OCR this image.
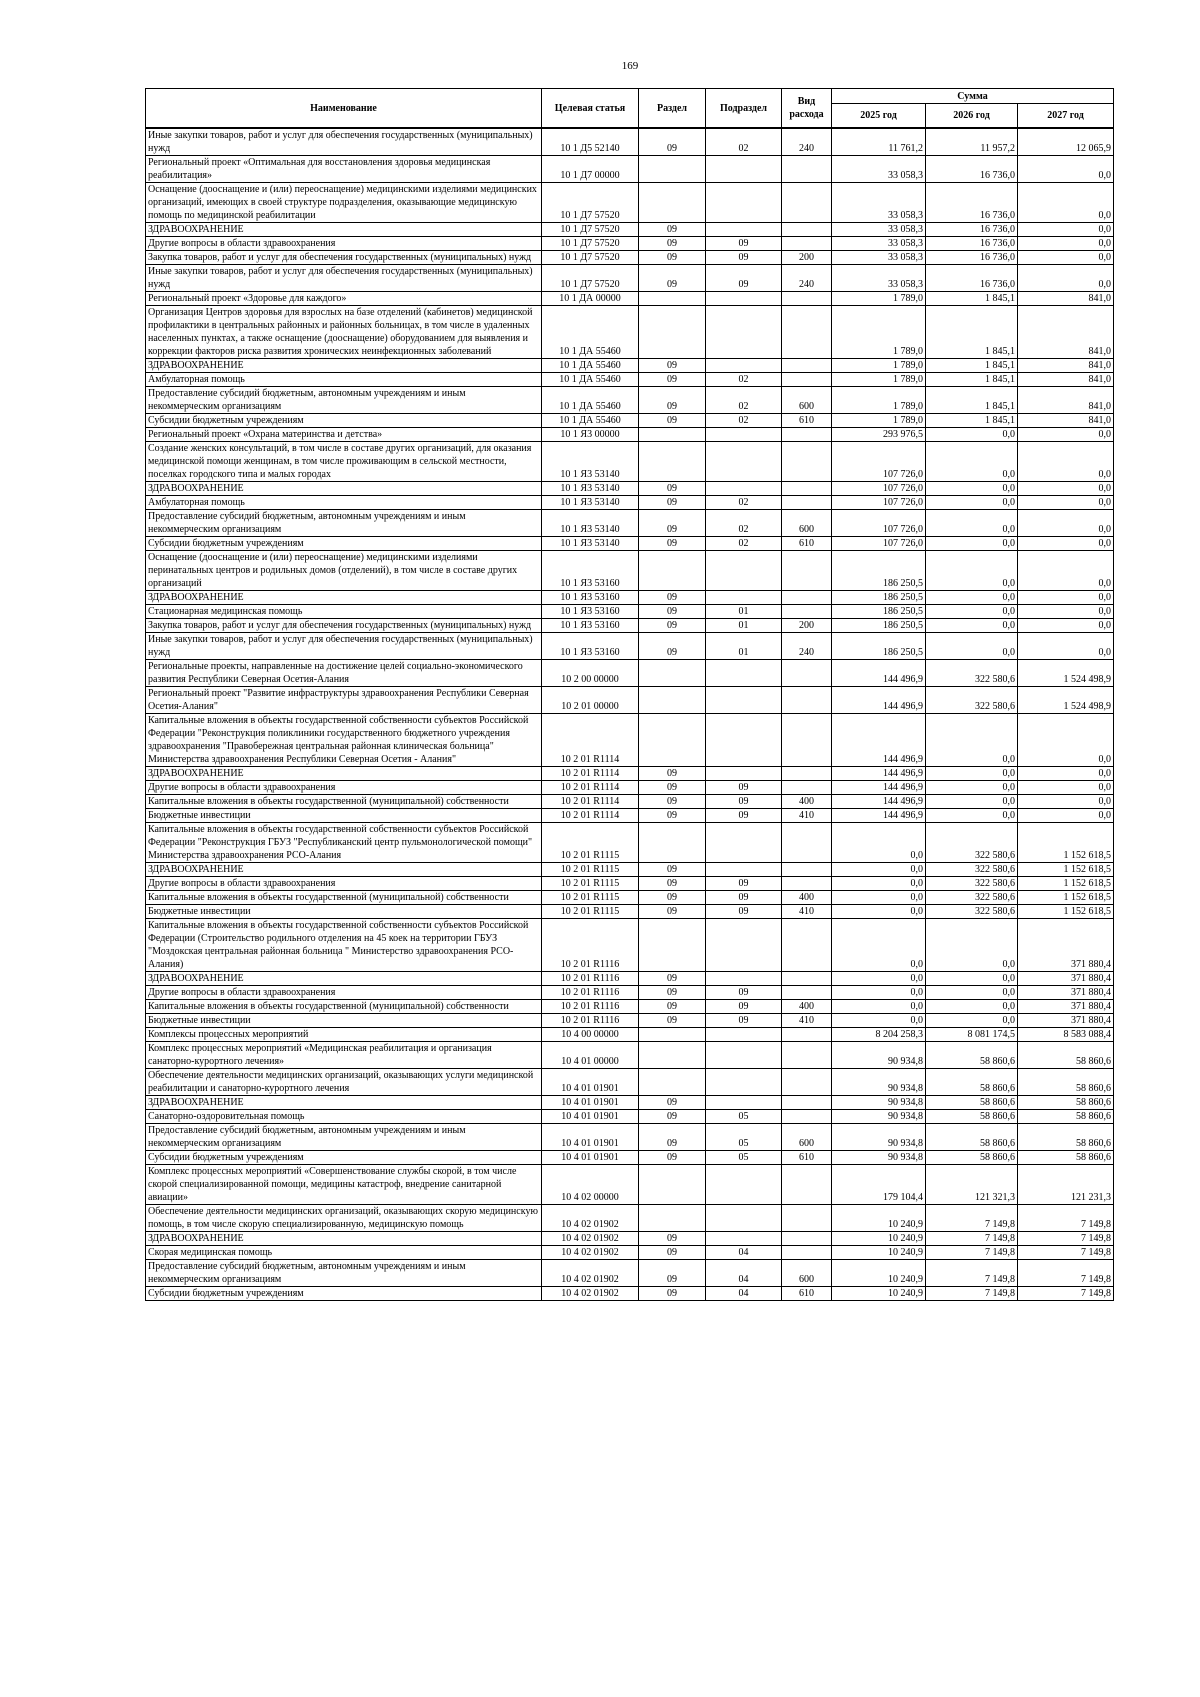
169
Наименование	Целевая статья	Раздел	Подраздел	Вид расхода	Сумма		
					2025 год	2026 год	2027 год
Иные закупки товаров, работ и услуг для обеспечения государственных (муниципальных) нужд	10 1 Д5 52140	09	02	240	11 761,2	11 957,2	12 065,9
Региональный проект «Оптимальная для восстановления здоровья медицинская реабилитация»	10 1 Д7 00000				33 058,3	16 736,0	0,0
Оснащение (дооснащение и (или) переоснащение) медицинскими изделиями медицинских организаций, имеющих в своей структуре подразделения, оказывающие медицинскую помощь по медицинской реабилитации	10 1 Д7 57520				33 058,3	16 736,0	0,0
ЗДРАВООХРАНЕНИЕ	10 1 Д7 57520	09			33 058,3	16 736,0	0,0
Другие вопросы в области здравоохранения	10 1 Д7 57520	09	09		33 058,3	16 736,0	0,0
Закупка товаров, работ и услуг для обеспечения государственных (муниципальных) нужд	10 1 Д7 57520	09	09	200	33 058,3	16 736,0	0,0
Иные закупки товаров, работ и услуг для обеспечения государственных (муниципальных) нужд	10 1 Д7 57520	09	09	240	33 058,3	16 736,0	0,0
Региональный проект «Здоровье для каждого»	10 1 ДА 00000				1 789,0	1 845,1	841,0
Организация Центров здоровья для взрослых на базе отделений (кабинетов) медицинской профилактики в центральных районных и районных больницах, в том числе в удаленных населенных пунктах, а также оснащение (дооснащение) оборудованием для выявления и коррекции факторов риска развития хронических неинфекционных заболеваний	10 1 ДА 55460				1 789,0	1 845,1	841,0
ЗДРАВООХРАНЕНИЕ	10 1 ДА 55460	09			1 789,0	1 845,1	841,0
Амбулаторная помощь	10 1 ДА 55460	09	02		1 789,0	1 845,1	841,0
Предоставление субсидий бюджетным, автономным учреждениям и иным некоммерческим организациям	10 1 ДА 55460	09	02	600	1 789,0	1 845,1	841,0
Субсидии бюджетным учреждениям	10 1 ДА 55460	09	02	610	1 789,0	1 845,1	841,0
Региональный проект «Охрана материнства и детства»	10 1 Я3 00000				293 976,5	0,0	0,0
Создание женских консультаций, в том числе в составе других организаций, для оказания медицинской помощи женщинам, в том числе проживающим в сельской местности, поселках городского типа и малых городах	10 1 Я3 53140				107 726,0	0,0	0,0
ЗДРАВООХРАНЕНИЕ	10 1 Я3 53140	09			107 726,0	0,0	0,0
Амбулаторная помощь	10 1 Я3 53140	09	02		107 726,0	0,0	0,0
Предоставление субсидий бюджетным, автономным учреждениям и иным некоммерческим организациям	10 1 Я3 53140	09	02	600	107 726,0	0,0	0,0
Субсидии бюджетным учреждениям	10 1 Я3 53140	09	02	610	107 726,0	0,0	0,0
Оснащение (дооснащение и (или) переоснащение) медицинскими изделиями перинатальных центров и родильных домов (отделений), в том числе в составе других организаций	10 1 Я3 53160				186 250,5	0,0	0,0
ЗДРАВООХРАНЕНИЕ	10 1 Я3 53160	09			186 250,5	0,0	0,0
Стационарная медицинская помощь	10 1 Я3 53160	09	01		186 250,5	0,0	0,0
Закупка товаров, работ и услуг для обеспечения государственных (муниципальных) нужд	10 1 Я3 53160	09	01	200	186 250,5	0,0	0,0
Иные закупки товаров, работ и услуг для обеспечения государственных (муниципальных) нужд	10 1 Я3 53160	09	01	240	186 250,5	0,0	0,0
Региональные проекты, направленные на достижение целей социально-экономического развития Республики Северная Осетия-Алания	10 2 00 00000				144 496,9	322 580,6	1 524 498,9
Региональный проект "Развитие инфраструктуры здравоохранения Республики Северная Осетия-Алания"	10 2 01 00000				144 496,9	322 580,6	1 524 498,9
Капитальные вложения в объекты государственной собственности субъектов Российской Федерации "Реконструкция поликлиники государственного бюджетного учреждения здравоохранения "Правобережная центральная районная клиническая больница" Министерства здравоохранения Республики Северная Осетия - Алания"	10 2 01 R1114				144 496,9	0,0	0,0
ЗДРАВООХРАНЕНИЕ	10 2 01 R1114	09			144 496,9	0,0	0,0
Другие вопросы в области здравоохранения	10 2 01 R1114	09	09		144 496,9	0,0	0,0
Капитальные вложения в объекты государственной (муниципальной) собственности	10 2 01 R1114	09	09	400	144 496,9	0,0	0,0
Бюджетные инвестиции	10 2 01 R1114	09	09	410	144 496,9	0,0	0,0
Капитальные вложения в объекты государственной собственности субъектов Российской Федерации "Реконструкция ГБУЗ "Республиканский центр пульмонологической помощи" Министерства здравоохранения РСО-Алания	10 2 01 R1115				0,0	322 580,6	1 152 618,5
ЗДРАВООХРАНЕНИЕ	10 2 01 R1115	09			0,0	322 580,6	1 152 618,5
Другие вопросы в области здравоохранения	10 2 01 R1115	09	09		0,0	322 580,6	1 152 618,5
Капитальные вложения в объекты государственной (муниципальной) собственности	10 2 01 R1115	09	09	400	0,0	322 580,6	1 152 618,5
Бюджетные инвестиции	10 2 01 R1115	09	09	410	0,0	322 580,6	1 152 618,5
Капитальные вложения в объекты государственной собственности субъектов Российской Федерации (Строительство родильного отделения на 45 коек на территории ГБУЗ "Моздокская центральная районная больница " Министерство здравоохранения РСО-Алания)	10 2 01 R1116				0,0	0,0	371 880,4
ЗДРАВООХРАНЕНИЕ	10 2 01 R1116	09			0,0	0,0	371 880,4
Другие вопросы в области здравоохранения	10 2 01 R1116	09	09		0,0	0,0	371 880,4
Капитальные вложения в объекты государственной (муниципальной) собственности	10 2 01 R1116	09	09	400	0,0	0,0	371 880,4
Бюджетные инвестиции	10 2 01 R1116	09	09	410	0,0	0,0	371 880,4
Комплексы процессных мероприятий	10 4 00 00000				8 204 258,3	8 081 174,5	8 583 088,4
Комплекс процессных мероприятий «Медицинская реабилитация и организация санаторно-курортного лечения»	10 4 01 00000				90 934,8	58 860,6	58 860,6
Обеспечение деятельности медицинских организаций, оказывающих услуги медицинской реабилитации и санаторно-курортного лечения	10 4 01 01901				90 934,8	58 860,6	58 860,6
ЗДРАВООХРАНЕНИЕ	10 4 01 01901	09			90 934,8	58 860,6	58 860,6
Санаторно-оздоровительная помощь	10 4 01 01901	09	05		90 934,8	58 860,6	58 860,6
Предоставление субсидий бюджетным, автономным учреждениям и иным некоммерческим организациям	10 4 01 01901	09	05	600	90 934,8	58 860,6	58 860,6
Субсидии бюджетным учреждениям	10 4 01 01901	09	05	610	90 934,8	58 860,6	58 860,6
Комплекс процессных мероприятий «Совершенствование службы скорой, в том числе скорой специализированной помощи, медицины катастроф, внедрение санитарной авиации»	10 4 02 00000				179 104,4	121 321,3	121 231,3
Обеспечение деятельности медицинских организаций, оказывающих скорую медицинскую помощь, в том числе скорую специализированную, медицинскую помощь	10 4 02 01902				10 240,9	7 149,8	7 149,8
ЗДРАВООХРАНЕНИЕ	10 4 02 01902	09			10 240,9	7 149,8	7 149,8
Скорая медицинская помощь	10 4 02 01902	09	04		10 240,9	7 149,8	7 149,8
Предоставление субсидий бюджетным, автономным учреждениям и иным некоммерческим организациям	10 4 02 01902	09	04	600	10 240,9	7 149,8	7 149,8
Субсидии бюджетным учреждениям	10 4 02 01902	09	04	610	10 240,9	7 149,8	7 149,8
